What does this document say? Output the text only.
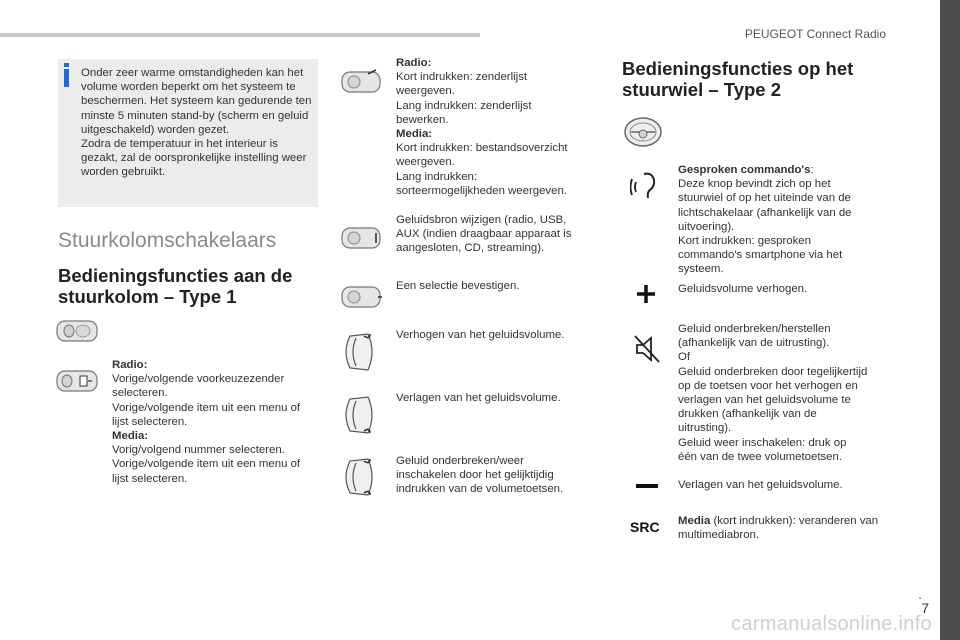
PEUGEOT Connect Radio
.
7
carmanualsonline.info
Onder zeer warme omstandigheden kan het volume worden beperkt om het systeem te beschermen. Het systeem kan gedurende ten minste 5 minuten stand-by (scherm en geluid uitgeschakeld) worden gezet.
Zodra de temperatuur in het interieur is gezakt, zal de oorspronkelijke instelling weer worden gebruikt.
Stuurkolomschakelaars
Bedieningsfuncties aan de stuurkolom – Type 1
Radio:
Vorige/volgende voorkeuzezender selecteren.
Vorige/volgende item uit een menu of lijst selecteren.
Media:
Vorig/volgend nummer selecteren.
Vorige/volgende item uit een menu of lijst selecteren.
Radio:
Kort indrukken: zenderlijst weergeven.
Lang indrukken: zenderlijst bewerken.
Media:
Kort indrukken: bestandsoverzicht weergeven.
Lang indrukken: sorteermogelijkheden weergeven.
Geluidsbron wijzigen (radio, USB, AUX (indien draagbaar apparaat is aangesloten, CD, streaming).
Een selectie bevestigen.
Verhogen van het geluidsvolume.
Verlagen van het geluidsvolume.
Geluid onderbreken/weer inschakelen door het gelijktijdig indrukken van de volumetoetsen.
Bedieningsfuncties op het stuurwiel – Type 2
SRC
Gesproken commando's:
Deze knop bevindt zich op het stuurwiel of op het uiteinde van de lichtschakelaar (afhankelijk van de uitvoering).
Kort indrukken: gesproken commando's smartphone via het systeem.
Geluidsvolume verhogen.
Geluid onderbreken/herstellen (afhankelijk van de uitrusting).
Of
Geluid onderbreken door tegelijkertijd op de toetsen voor het verhogen en verlagen van het geluidsvolume te drukken (afhankelijk van de uitrusting).
Geluid weer inschakelen: druk op één van de twee volumetoetsen.
Verlagen van het geluidsvolume.
Media (kort indrukken): veranderen van multimediabron.
